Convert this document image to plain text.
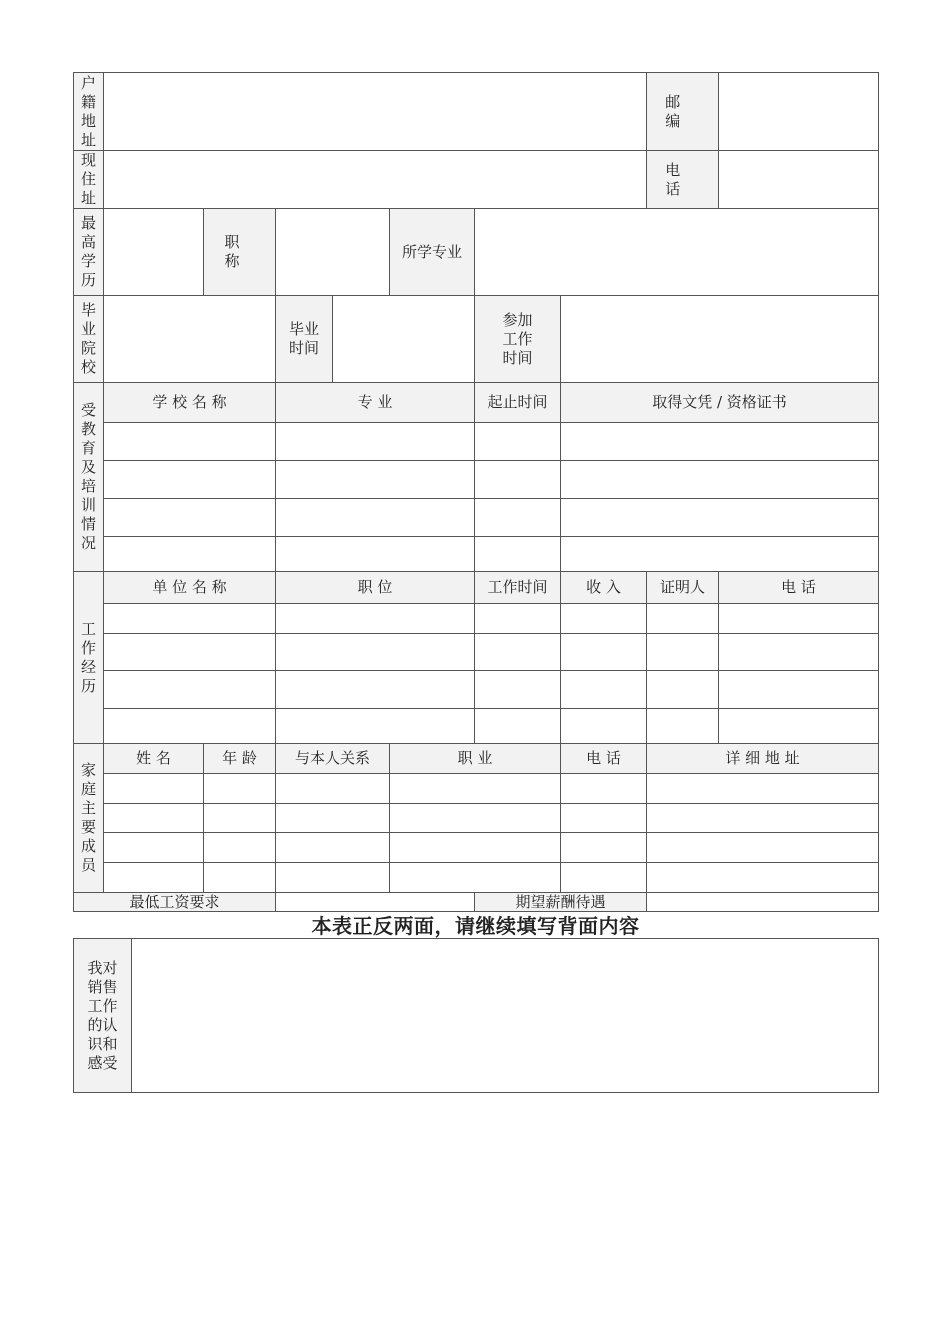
户籍地址								邮 编	

现住址								电 话	

最高学历		职 称			所学专业				

毕业院校			毕业时间			参加工作时间			

受教育及培训情况	学 校 名 称		专 业			起止时间	取得文凭 / 资格证书		

工作经历	单 位 名 称		职 位			工作时间	收 入	证明人	电 话

家庭主要成员	姓 名	年 龄	与本人关系		职 业		电 话	详 细 地 址	

最低工资要求						期望薪酬待遇			
本表正反两面，请继续填写背面内容
我对销售工作的认识和感受
